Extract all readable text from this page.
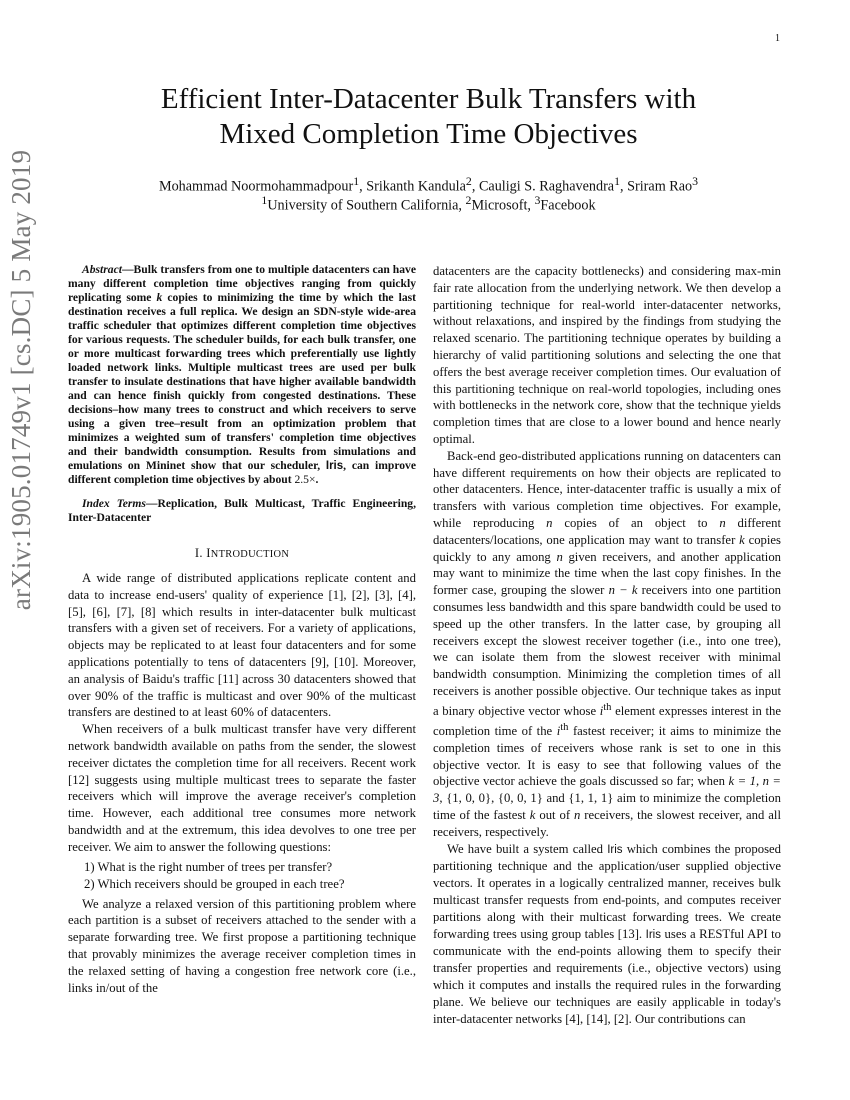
1
arXiv:1905.01749v1 [cs.DC] 5 May 2019
Efficient Inter-Datacenter Bulk Transfers with
Mixed Completion Time Objectives
Mohammad Noormohammadpour$^1$, Srikanth Kandula$^2$, Cauligi S. Raghavendra$^1$, Sriram Rao$^3$
$^1$University of Southern California, $^2$Microsoft, $^3$Facebook

Abstract—Bulk transfers from one to multiple datacenters can have many different completion time objectives ranging from quickly replicating some k copies to minimizing the time by which the last destination receives a full replica. We design an SDN-style wide-area traffic scheduler that optimizes different completion time objectives for various requests. The scheduler builds, for each bulk transfer, one or more multicast forwarding trees which preferentially use lightly loaded network links. Multiple multicast trees are used per bulk transfer to insulate destinations that have higher available bandwidth and can hence finish quickly from congested destinations. These decisions–how many trees to construct and which receivers to serve using a given tree–result from an optimization problem that minimizes a weighted sum of transfers' completion time objectives and their bandwidth consumption. Results from simulations and emulations on Mininet show that our scheduler, Iris, can improve different completion time objectives by about 2.5×.

Index Terms—Replication, Bulk Multicast, Traffic Engineering, Inter-Datacenter

I. INTRODUCTION

A wide range of distributed applications replicate content and data to increase end-users' quality of experience [1], [2], [3], [4], [5], [6], [7], [8] which results in inter-datacenter bulk multicast transfers with a given set of receivers. For a variety of applications, objects may be replicated to at least four datacenters and for some applications potentially to tens of datacenters [9], [10]. Moreover, an analysis of Baidu's traffic [11] across 30 datacenters showed that over 90% of the traffic is multicast and over 90% of the multicast transfers are destined to at least 60% of datacenters.

When receivers of a bulk multicast transfer have very different network bandwidth available on paths from the sender, the slowest receiver dictates the completion time for all receivers. Recent work [12] suggests using multiple multicast trees to separate the faster receivers which will improve the average receiver's completion time. However, each additional tree consumes more network bandwidth and at the extremum, this idea devolves to one tree per receiver. We aim to answer the following questions:

1) What is the right number of trees per transfer?
2) Which receivers should be grouped in each tree?

We analyze a relaxed version of this partitioning problem where each partition is a subset of receivers attached to the sender with a separate forwarding tree. We first propose a partitioning technique that provably minimizes the average receiver completion times in the relaxed setting of having a congestion free network core (i.e., links in/out of the

datacenters are the capacity bottlenecks) and considering max-min fair rate allocation from the underlying network. We then develop a partitioning technique for real-world inter-datacenter networks, without relaxations, and inspired by the findings from studying the relaxed scenario. The partitioning technique operates by building a hierarchy of valid partitioning solutions and selecting the one that offers the best average receiver completion times. Our evaluation of this partitioning technique on real-world topologies, including ones with bottlenecks in the network core, show that the technique yields completion times that are close to a lower bound and hence nearly optimal.

Back-end geo-distributed applications running on datacenters can have different requirements on how their objects are replicated to other datacenters. Hence, inter-datacenter traffic is usually a mix of transfers with various completion time objectives. For example, while reproducing n copies of an object to n different datacenters/locations, one application may want to transfer k copies quickly to any among n given receivers, and another application may want to minimize the time when the last copy finishes. In the former case, grouping the slower n − k receivers into one partition consumes less bandwidth and this spare bandwidth could be used to speed up the other transfers. In the latter case, by grouping all receivers except the slowest receiver together (i.e., into one tree), we can isolate them from the slowest receiver with minimal bandwidth consumption. Minimizing the completion times of all receivers is another possible objective. Our technique takes as input a binary objective vector whose $i^{th}$ element expresses interest in the completion time of the $i^{th}$ fastest receiver; it aims to minimize the completion times of receivers whose rank is set to one in this objective vector. It is easy to see that following values of the objective vector achieve the goals discussed so far; when k = 1, n = 3, {1, 0, 0}, {0, 0, 1} and {1, 1, 1} aim to minimize the completion time of the fastest k out of n receivers, the slowest receiver, and all receivers, respectively.

We have built a system called Iris which combines the proposed partitioning technique and the application/user supplied objective vectors. It operates in a logically centralized manner, receives bulk multicast transfer requests from end-points, and computes receiver partitions along with their multicast forwarding trees. We create forwarding trees using group tables [13]. Iris uses a RESTful API to communicate with the end-points allowing them to specify their transfer properties and requirements (i.e., objective vectors) using which it computes and installs the required rules in the forwarding plane. We believe our techniques are easily applicable in today's inter-datacenter networks [4], [14], [2]. Our contributions can
